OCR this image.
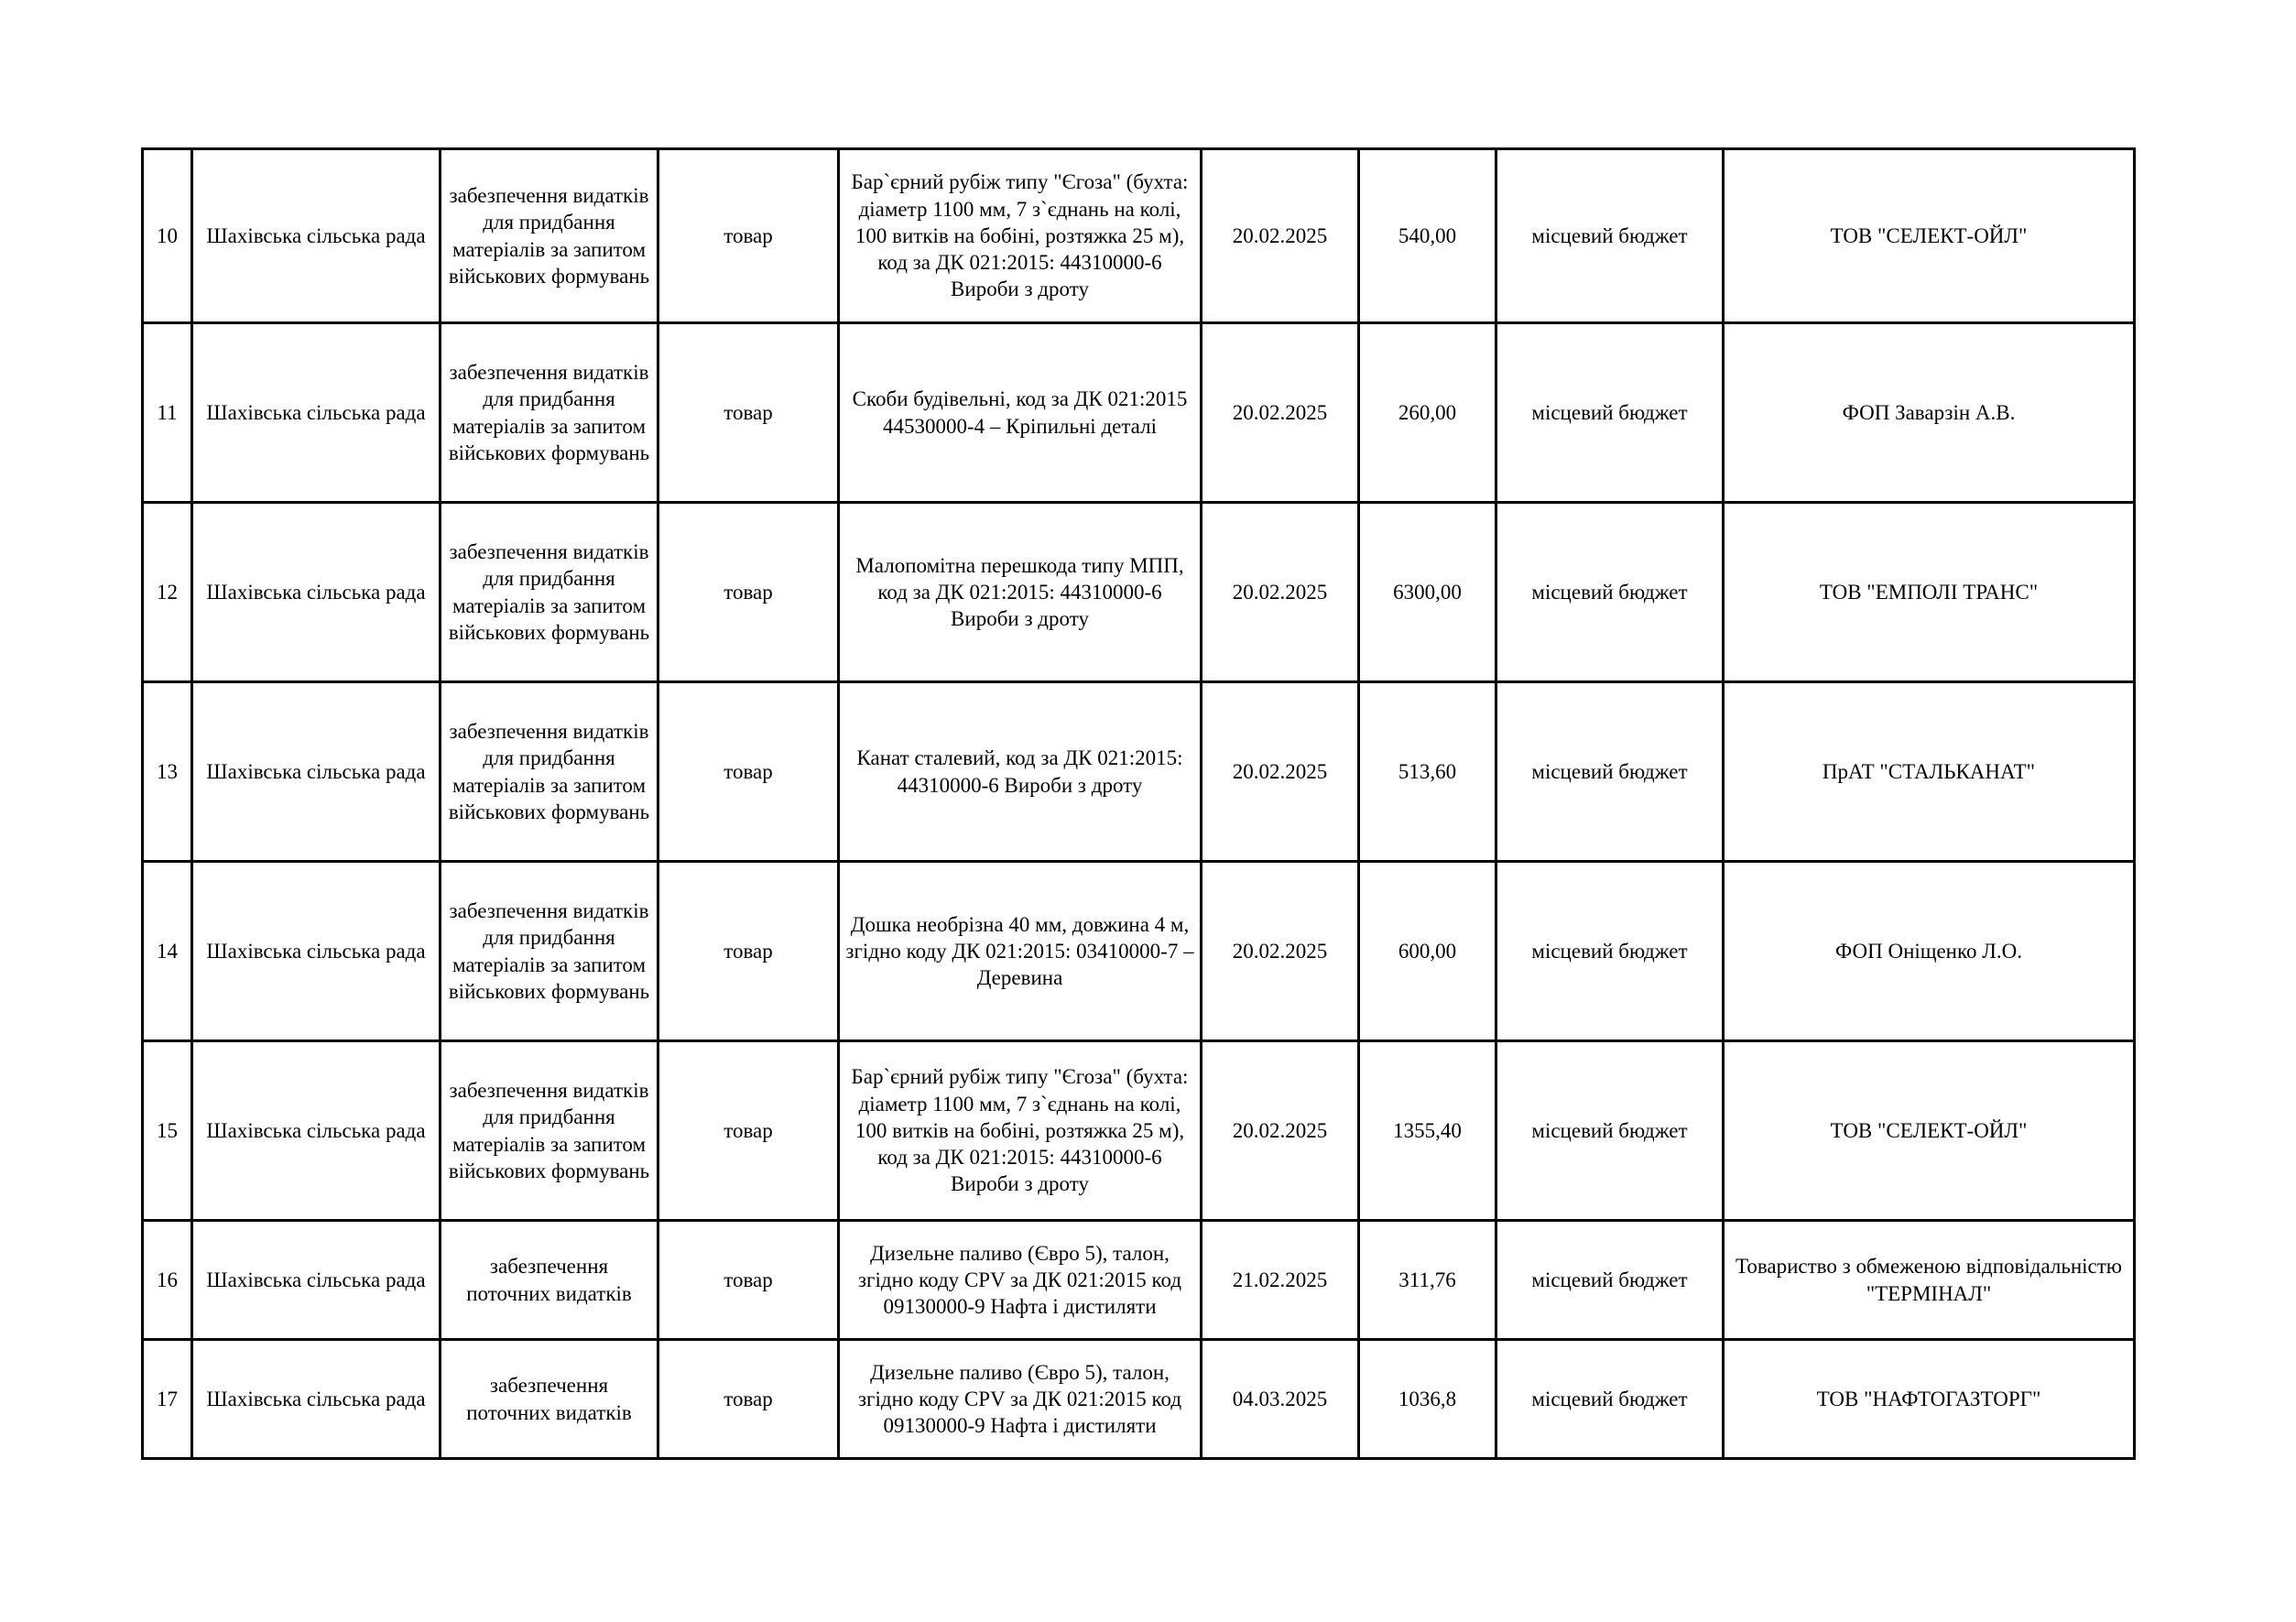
10	Шахівська сільська рада	забезпечення видатків для придбання матеріалів за запитом військових формувань	товар	Бар`єрний рубіж типу "Єгоза" (бухта: діаметр 1100 мм, 7 з`єднань на колі, 100 витків на бобіні, розтяжка 25 м), код за ДК 021:2015: 44310000-6 Вироби з дроту	20.02.2025	540,00	місцевий бюджет	ТОВ "СЕЛЕКТ-ОЙЛ"
11	Шахівська сільська рада	забезпечення видатків для придбання матеріалів за запитом військових формувань	товар	Скоби будівельні, код за ДК 021:2015 44530000-4 – Кріпильні деталі	20.02.2025	260,00	місцевий бюджет	ФОП Заварзін А.В.
12	Шахівська сільська рада	забезпечення видатків для придбання матеріалів за запитом військових формувань	товар	Малопомітна перешкода типу МПП, код за ДК 021:2015: 44310000-6 Вироби з дроту	20.02.2025	6300,00	місцевий бюджет	ТОВ "ЕМПОЛІ ТРАНС"
13	Шахівська сільська рада	забезпечення видатків для придбання матеріалів за запитом військових формувань	товар	Канат сталевий, код за ДК 021:2015: 44310000-6 Вироби з дроту	20.02.2025	513,60	місцевий бюджет	ПрАТ "СТАЛЬКАНАТ"
14	Шахівська сільська рада	забезпечення видатків для придбання матеріалів за запитом військових формувань	товар	Дошка необрізна 40 мм, довжина 4 м, згідно коду ДК 021:2015: 03410000-7 – Деревина	20.02.2025	600,00	місцевий бюджет	ФОП Оніщенко Л.О.
15	Шахівська сільська рада	забезпечення видатків для придбання матеріалів за запитом військових формувань	товар	Бар`єрний рубіж типу "Єгоза" (бухта: діаметр 1100 мм, 7 з`єднань на колі, 100 витків на бобіні, розтяжка 25 м), код за ДК 021:2015: 44310000-6 Вироби з дроту	20.02.2025	1355,40	місцевий бюджет	ТОВ "СЕЛЕКТ-ОЙЛ"
16	Шахівська сільська рада	забезпечення поточних видатків	товар	Дизельне паливо (Євро 5), талон, згідно коду CPV за ДК 021:2015 код 09130000-9 Нафта і дистиляти	21.02.2025	311,76	місцевий бюджет	Товариство з обмеженою відповідальністю "ТЕРМІНАЛ"
17	Шахівська сільська рада	забезпечення поточних видатків	товар	Дизельне паливо (Євро 5), талон, згідно коду CPV за ДК 021:2015 код 09130000-9 Нафта і дистиляти	04.03.2025	1036,8	місцевий бюджет	ТОВ "НАФТОГАЗТОРГ"
